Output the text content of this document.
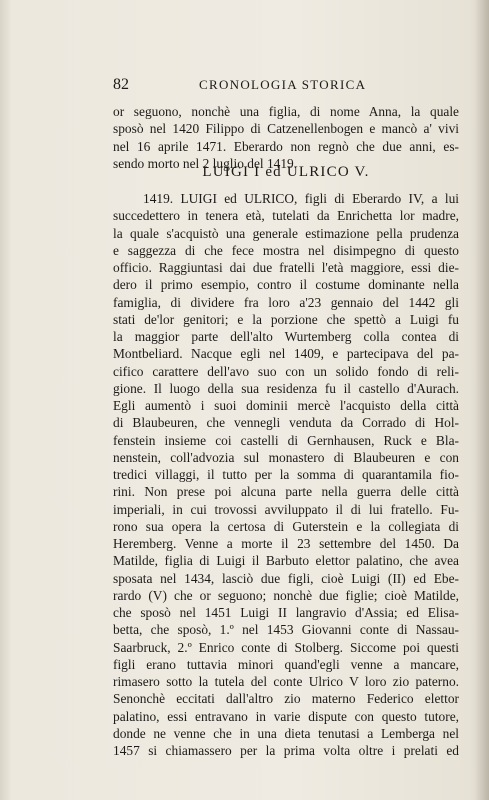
82	CRONOLOGIA STORICA
or seguono, nonchè una figlia, di nome Anna, la quale
sposò nel 1420 Filippo di Catzenellenbogen e mancò a' vivi
nel 16 aprile 1471. Eberardo non regnò che due anni, es-
sendo morto nel 2 luglio del 1419.
LUIGI I ed ULRICO V.
1419. LUIGI ed ULRICO, figli di Eberardo IV, a lui
succedettero in tenera età, tutelati da Enrichetta lor madre,
la quale s'acquistò una generale estimazione pella prudenza
e saggezza di che fece mostra nel disimpegno di questo
officio. Raggiuntasi dai due fratelli l'età maggiore, essi die-
dero il primo esempio, contro il costume dominante nella
famiglia, di dividere fra loro a'23 gennaio del 1442 gli
stati de'lor genitori; e la porzione che spettò a Luigi fu
la maggior parte dell'alto Wurtemberg colla contea di
Montbeliard. Nacque egli nel 1409, e partecipava del pa-
cifico carattere dell'avo suo con un solido fondo di reli-
gione. Il luogo della sua residenza fu il castello d'Aurach.
Egli aumentò i suoi dominii mercè l'acquisto della città
di Blaubeuren, che vennegli venduta da Corrado di Hol-
fenstein insieme coi castelli di Gernhausen, Ruck e Bla-
nenstein, coll'advozia sul monastero di Blaubeuren e con
tredici villaggi, il tutto per la somma di quarantamila fio-
rini. Non prese poi alcuna parte nella guerra delle città
imperiali, in cui trovossi avviluppato il di lui fratello. Fu-
rono sua opera la certosa di Guterstein e la collegiata di
Heremberg. Venne a morte il 23 settembre del 1450. Da
Matilde, figlia di Luigi il Barbuto elettor palatino, che avea
sposata nel 1434, lasciò due figli, cioè Luigi (II) ed Ebe-
rardo (V) che or seguono; nonchè due figlie; cioè Matilde,
che sposò nel 1451 Luigi II langravio d'Assia; ed Elisa-
betta, che sposò, 1.º nel 1453 Giovanni conte di Nassau-
Saarbruck, 2.º Enrico conte di Stolberg. Siccome poi questi
figli erano tuttavia minori quand'egli venne a mancare,
rimasero sotto la tutela del conte Ulrico V loro zio paterno.
Senonchè eccitati dall'altro zio materno Federico elettor
palatino, essi entravano in varie dispute con questo tutore,
donde ne venne che in una dieta tenutasi a Lemberga nel
1457 si chiamassero per la prima volta oltre i prelati ed
